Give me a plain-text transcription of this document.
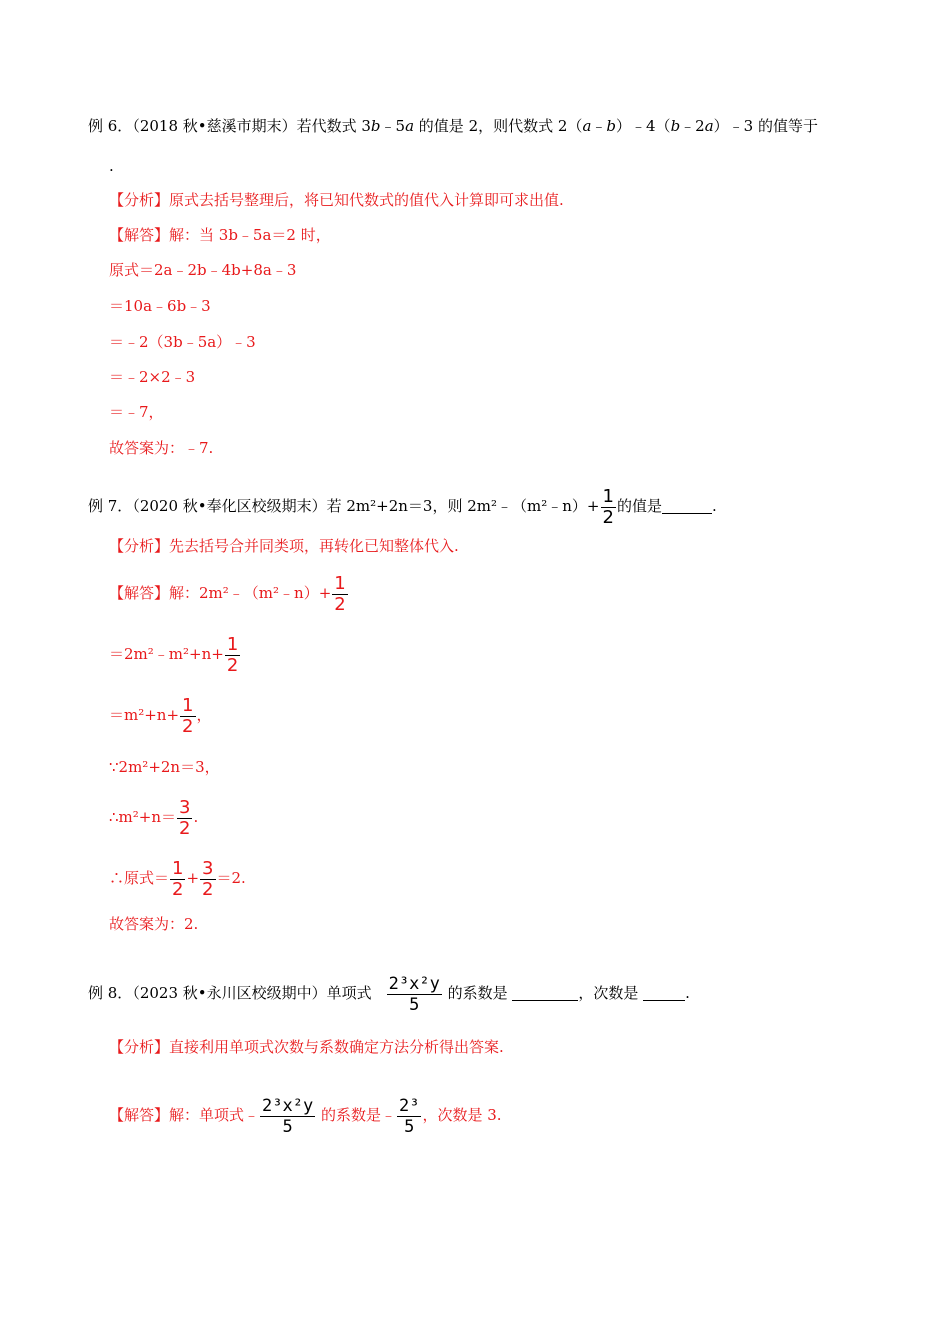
例 6．（2018 秋•慈溪市期末）若代数式 3b﹣5a 的值是 2，则代数式 2（a﹣b）﹣4（b﹣2a）﹣3 的值等于
.
【分析】原式去括号整理后，将已知代数式的值代入计算即可求出值.
【解答】解：当 3b﹣5a＝2 时，
原式＝2a﹣2b﹣4b+8a﹣3
＝10a﹣6b﹣3
＝﹣2（3b﹣5a）﹣3
＝﹣2×2﹣3
＝﹣7，
故答案为：﹣7.
例 7．（2020 秋•奉化区校级期末）若 2m²+2n＝3，则 2m²﹣（m²﹣n）+ $\frac{1}{2}$ 的值是	.
【分析】先去括号合并同类项，再转化已知整体代入.
【解答】解：2m²﹣（m²﹣n）+ $\frac{1}{2}$
＝2m²﹣m²+n+ $\frac{1}{2}$
$=m^2+n+ \frac{1}{2}$ ，
∵2m²+2n＝3，
∴m²+n＝ $\frac{3}{2}$ .
∴原式＝ $\frac{1}{2} + \frac{3}{2} =2$.
故答案为：2.
例 8．（2023 秋•永川区校级期中）单项式 $\frac{\text{2³x²y}}{5}$ 的系数是	，次数是	.
【分析】直接利用单项式次数与系数确定方法分析得出答案.
【解答】解：单项式﹣ $\frac{\text{2³x²y}}{5}$ 的系数是﹣ $\frac{\text{2³}}{5}$ ，次数是 3.
